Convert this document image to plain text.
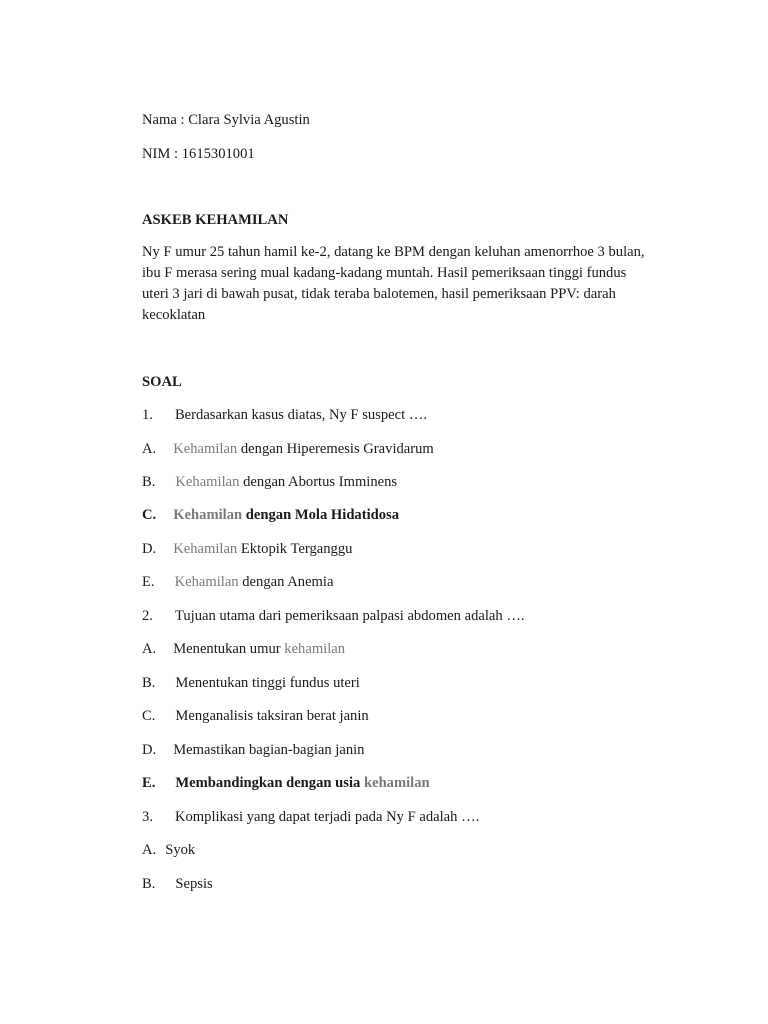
Nama : Clara Sylvia Agustin
NIM : 1615301001
ASKEB KEHAMILAN
Ny F umur 25 tahun hamil ke-2, datang ke BPM dengan keluhan amenorrhoe 3 bulan,
ibu F merasa sering mual kadang-kadang muntah. Hasil pemeriksaan tinggi fundus
uteri 3 jari di bawah pusat, tidak teraba balotemen, hasil pemeriksaan PPV: darah
kecoklatan
SOAL
1. Berdasarkan kasus diatas, Ny F suspect ….
A. Kehamilan dengan Hiperemesis Gravidarum
B. Kehamilan dengan Abortus Imminens
C. Kehamilan dengan Mola Hidatidosa
D. Kehamilan Ektopik Terganggu
E. Kehamilan dengan Anemia
2. Tujuan utama dari pemeriksaan palpasi abdomen adalah ….
A. Menentukan umur kehamilan
B. Menentukan tinggi fundus uteri
C. Menganalisis taksiran berat janin
D. Memastikan bagian-bagian janin
E. Membandingkan dengan usia kehamilan
3. Komplikasi yang dapat terjadi pada Ny F adalah ….
A. Syok
B. Sepsis
